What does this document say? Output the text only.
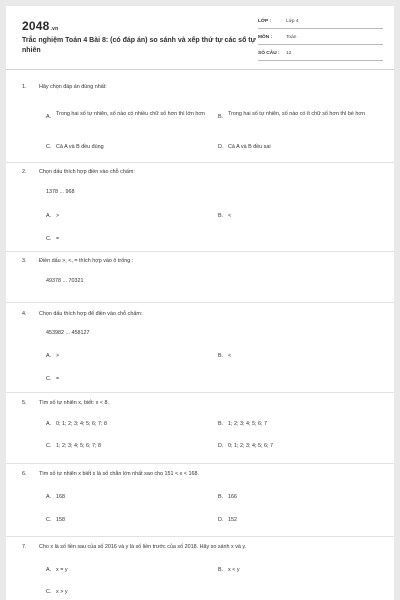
2048.vn
Trắc nghiệm Toán 4 Bài 8: (có đáp án) so sánh và xếp thứ tự các số tự nhiên
LỚP :	Lớp 4
MÔN :	Toán
SỐ CÂU :	12
1. Hãy chọn đáp án đúng nhất:
A. Trong hai số tự nhiên, số nào có nhiều chữ số hơn thì lớn hơn B. Trong hai số tự nhiên, số nào có ít chữ số hơn thì bé hơn
C. Cả A và B đều đúng	D. Cả A và B đều sai
2. Chọn dấu thích hợp điền vào chỗ chấm:
1378 ... 968
A. >	B. <
C. =
3. Điền dấu >, <, = thích hợp vào ô trống :
49378 ... 70321
4. Chọn dấu thích hợp để điền vào chỗ chấm:
453982 ... 458127
A. >	B. <
C. =
5. Tìm số tự nhiên x, biết: x < 8.
A. 0; 1; 2; 3; 4; 5; 6; 7; 8	B. 1; 2; 3; 4; 5; 6; 7
C. 1; 2; 3; 4; 5; 6; 7; 8	D. 0; 1; 2; 3; 4; 5; 6; 7
6. Tìm số tự nhiên x biết x là số chẵn lớn nhất sao cho 151 < x < 168.
A. 168	B. 166
C. 158	D. 152
7. Cho x là số liền sau của số 2016 và y là số liền trước của số 2018. Hãy so sánh x và y.
A. x = y	B. x < y
C. x > y
